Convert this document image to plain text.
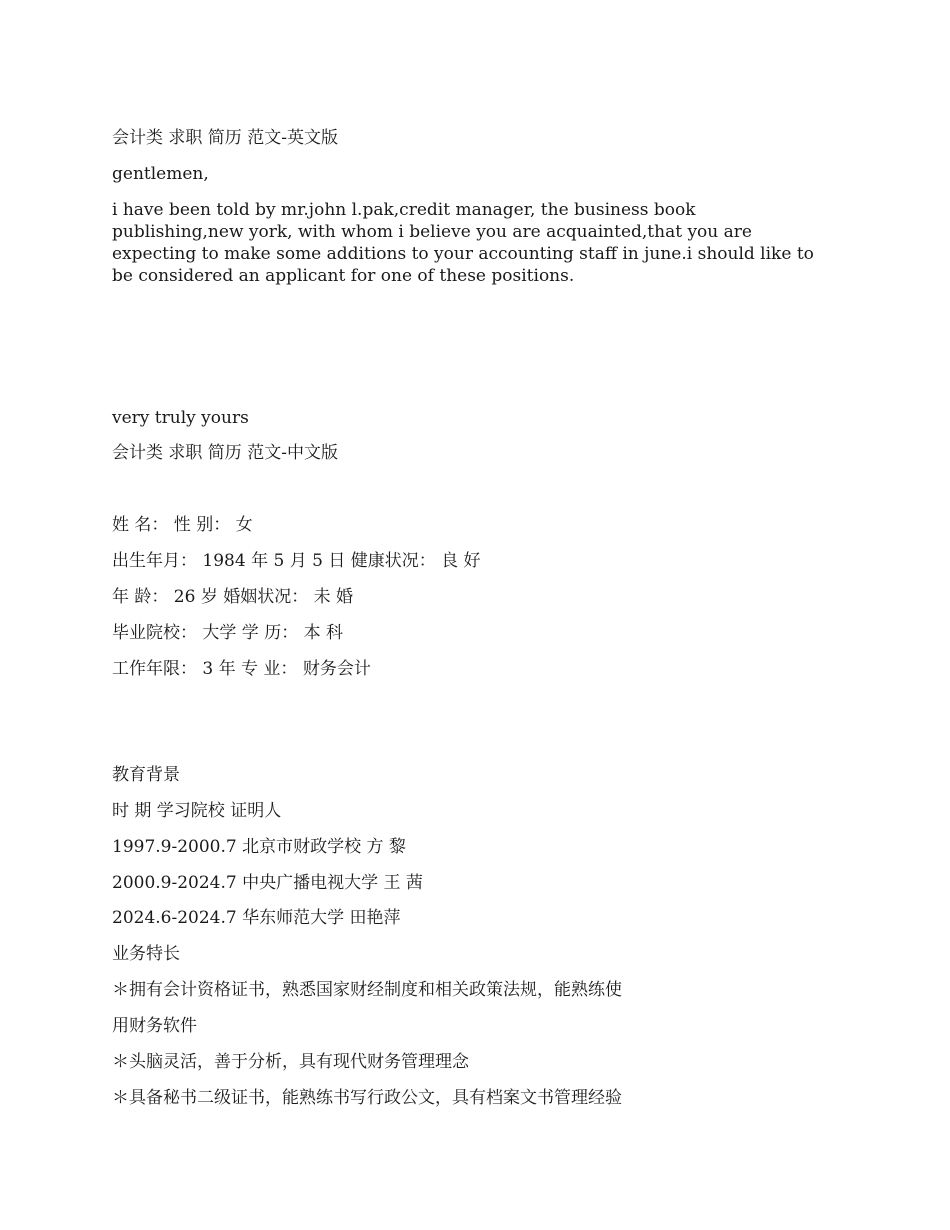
会计类 求职 简历 范文-英文版

gentlemen,

i have been told by mr.john l.pak,credit manager, the business book publishing,new york, with whom i believe you are acquainted,that you are expecting to make some additions to your accounting staff in june.i should like to be considered an applicant for one of these positions.

very truly yours

会计类 求职 简历 范文-中文版

姓 名： 性 别： 女

出生年月： 1984 年 5 月 5 日 健康状况： 良 好

年 龄： 26 岁 婚姻状况： 未 婚

毕业院校： 大学 学 历： 本 科

工作年限： 3 年 专 业： 财务会计

教育背景

时 期 学习院校 证明人

1997.9-2000.7 北京市财政学校 方 黎

2000.9-2024.7 中央广播电视大学 王 茜

2024.6-2024.7 华东师范大学 田艳萍

业务特长

＊拥有会计资格证书，熟悉国家财经制度和相关政策法规，能熟练使

用财务软件

＊头脑灵活，善于分析，具有现代财务管理理念

＊具备秘书二级证书，能熟练书写行政公文，具有档案文书管理经验
